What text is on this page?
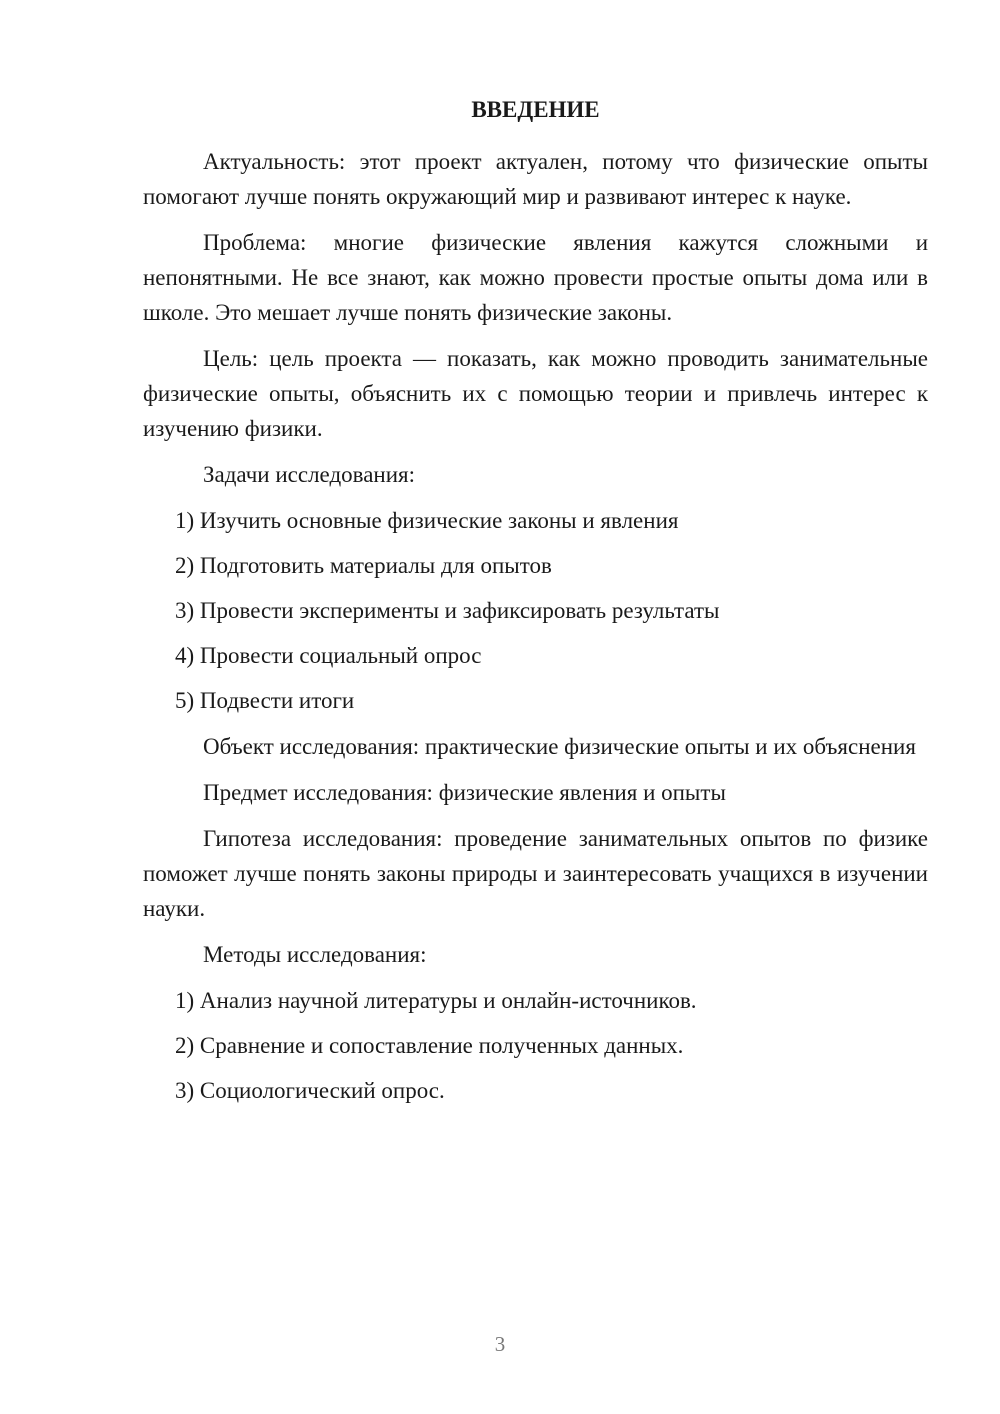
ВВЕДЕНИЕ

Актуальность: этот проект актуален, потому что физические опыты помогают лучше понять окружающий мир и развивают интерес к науке.

Проблема: многие физические явления кажутся сложными и непонятными. Не все знают, как можно провести простые опыты дома или в школе. Это мешает лучше понять физические законы.

Цель: цель проекта — показать, как можно проводить занимательные физические опыты, объяснить их с помощью теории и привлечь интерес к изучению физики.

Задачи исследования:

1) Изучить основные физические законы и явления
2) Подготовить материалы для опытов
3) Провести эксперименты и зафиксировать результаты
4) Провести социальный опрос
5) Подвести итоги

Объект исследования: практические физические опыты и их объяснения

Предмет исследования: физические явления и опыты

Гипотеза исследования: проведение занимательных опытов по физике поможет лучше понять законы природы и заинтересовать учащихся в изучении науки.

Методы исследования:

1) Анализ научной литературы и онлайн-источников.
2) Сравнение и сопоставление полученных данных.
3) Социологический опрос.
3
